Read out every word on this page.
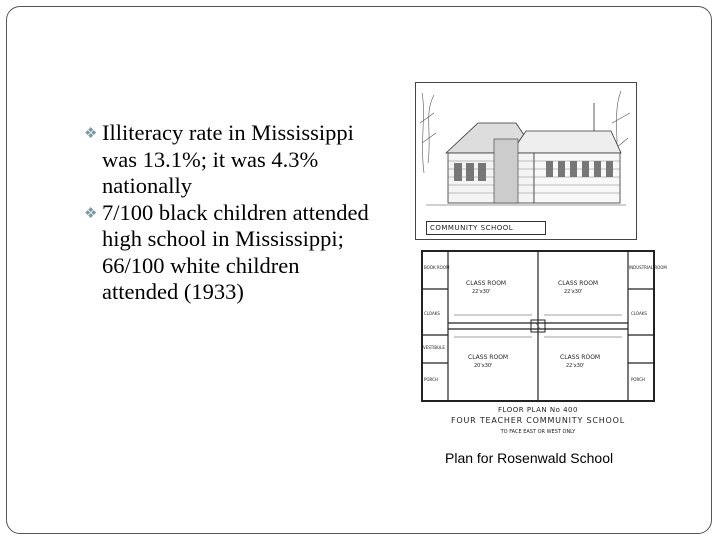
❖ Illiteracy rate in Mississippi was 13.1%; it was 4.3% nationally
❖ 7/100 black children attended high school in Mississippi; 66/100 white children attended (1933)
COMMUNITY SCHOOL
CLASS ROOM
22'x30'
CLASS ROOM
22'x30'
CLASS ROOM
20'x30'
CLASS ROOM
22'x30'
BOOK ROOM
CLOAKS
VESTIBULE
PORCH
INDUSTRIAL ROOM
CLOAKS
PORCH
FLOOR PLAN No 400
FOUR TEACHER COMMUNITY SCHOOL
TO FACE EAST OR WEST ONLY
Plan for Rosenwald School
